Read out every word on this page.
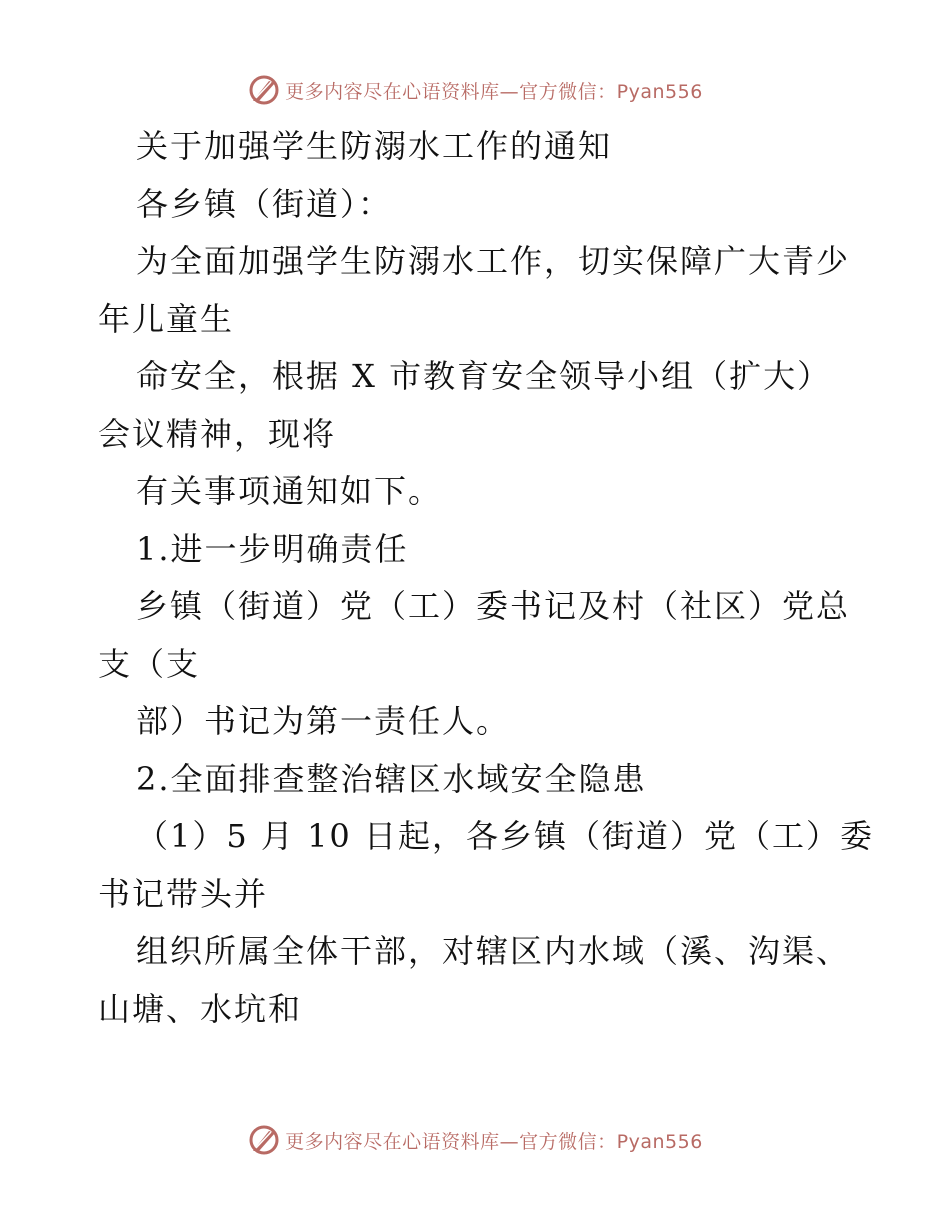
更多内容尽在心语资料库—官方微信：Pyan556
关于加强学生防溺水工作的通知
各乡镇（街道）：
为全面加强学生防溺水工作，切实保障广大青少
年儿童生
命安全，根据 X 市教育安全领导小组（扩大）
会议精神，现将
有关事项通知如下。
1.进一步明确责任
乡镇（街道）党（工）委书记及村（社区）党总
支（支
部）书记为第一责任人。
2.全面排查整治辖区水域安全隐患
（1）5 月 10 日起，各乡镇（街道）党（工）委
书记带头并
组织所属全体干部，对辖区内水域（溪、沟渠、
山塘、水坑和
更多内容尽在心语资料库—官方微信：Pyan556
